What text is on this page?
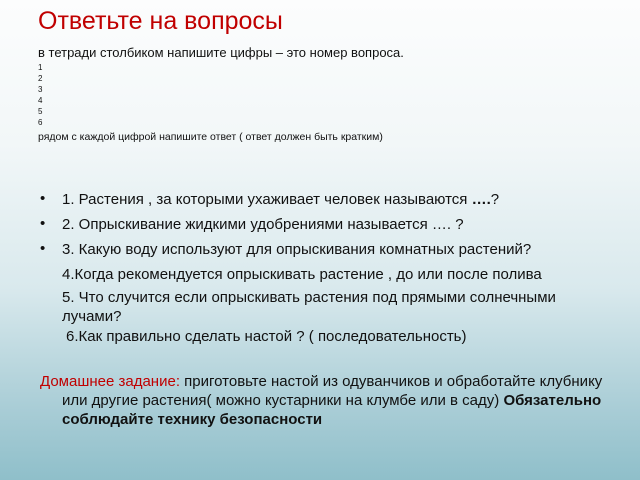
Ответьте на вопросы
в тетради столбиком напишите цифры – это номер вопроса.
1
2
3
4
5
6
рядом с каждой цифрой напишите ответ ( ответ должен быть кратким)
• 1. Растения , за которыми ухаживает человек называются ….?
• 2. Опрыскивание жидкими удобрениями называется …. ?
• 3. Какую воду используют для опрыскивания комнатных растений?
4.Когда рекомендуется опрыскивать растение , до или после полива
5. Что случится если опрыскивать растения под прямыми солнечными
лучами?
6.Как правильно сделать настой ? ( последовательность)
Домашнее задание: приготовьте настой из одуванчиков и обработайте клубнику или другие растения( можно кустарники на клумбе или в саду) Обязательно соблюдайте технику безопасности
